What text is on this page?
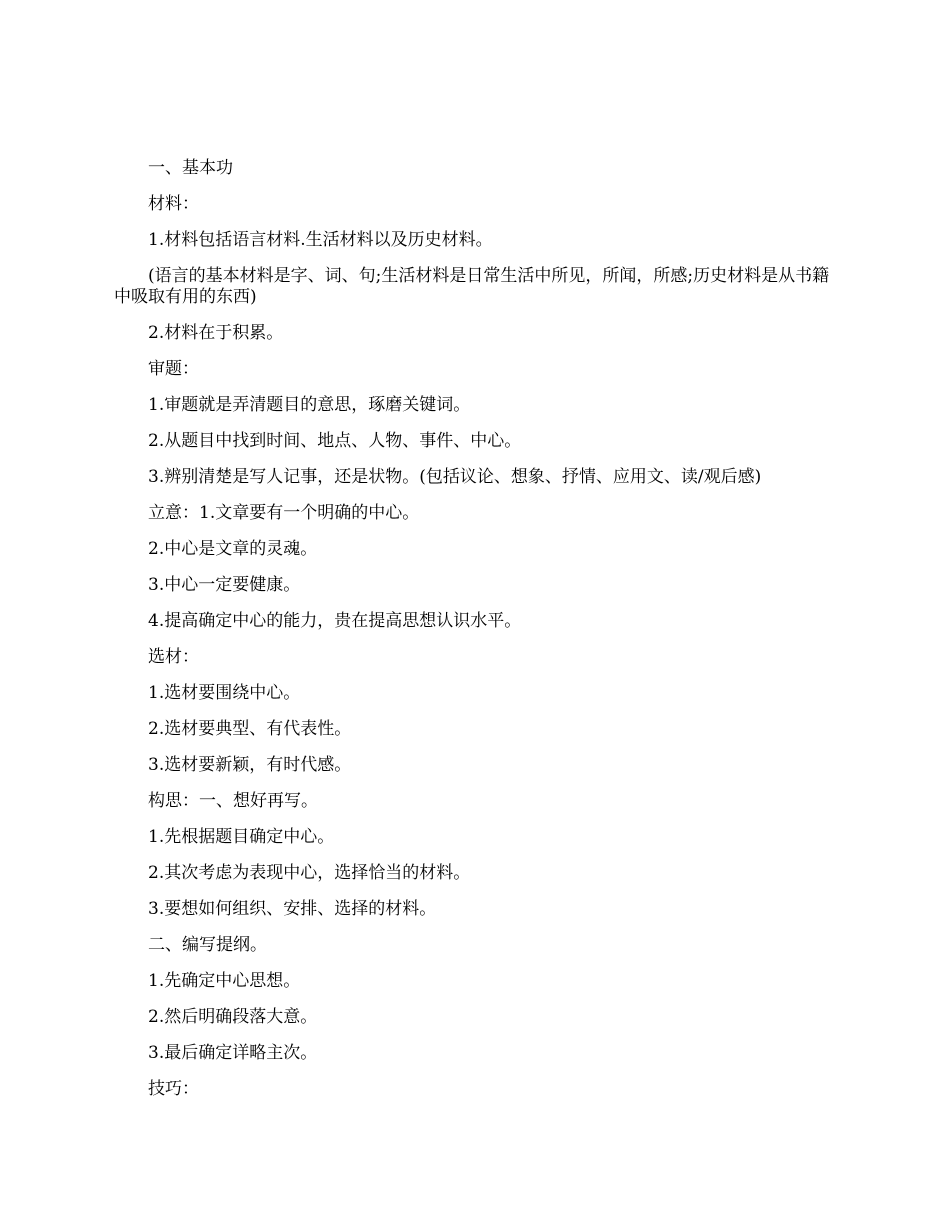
一、基本功

材料：

1.材料包括语言材料.生活材料以及历史材料。

(语言的基本材料是字、词、句;生活材料是日常生活中所见，所闻，所感;历史材料是从书籍中吸取有用的东西)

2.材料在于积累。

审题：

1.审题就是弄清题目的意思，琢磨关键词。

2.从题目中找到时间、地点、人物、事件、中心。

3.辨别清楚是写人记事，还是状物。(包括议论、想象、抒情、应用文、读/观后感)

立意：1.文章要有一个明确的中心。

2.中心是文章的灵魂。

3.中心一定要健康。

4.提高确定中心的能力，贵在提高思想认识水平。

选材：

1.选材要围绕中心。

2.选材要典型、有代表性。

3.选材要新颖，有时代感。

构思：一、想好再写。

1.先根据题目确定中心。

2.其次考虑为表现中心，选择恰当的材料。

3.要想如何组织、安排、选择的材料。

二、编写提纲。

1.先确定中心思想。

2.然后明确段落大意。

3.最后确定详略主次。

技巧：
